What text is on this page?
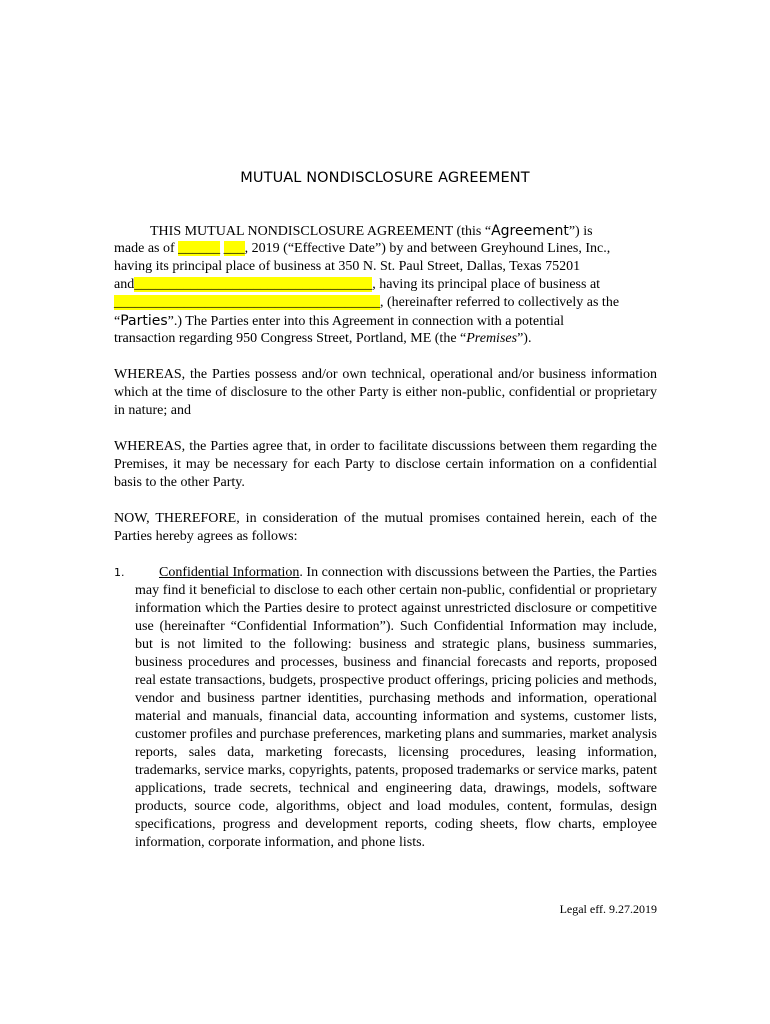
MUTUAL NONDISCLOSURE AGREEMENT
THIS MUTUAL NONDISCLOSURE AGREEMENT (this “Agreement”) is
made as of ______ ___, 2019 (“Effective Date”) by and between Greyhound Lines, Inc.,
having its principal place of business at 350 N. St. Paul Street, Dallas, Texas 75201
and__________________________________, having its principal place of business at
______________________________________, (hereinafter referred to collectively as the
“Parties”.) The Parties enter into this Agreement in connection with a potential
transaction regarding 950 Congress Street, Portland, ME (the “Premises”).

WHEREAS, the Parties possess and/or own technical, operational and/or business information which at the time of disclosure to the other Party is either non-public, confidential or proprietary in nature; and

WHEREAS, the Parties agree that, in order to facilitate discussions between them regarding the Premises, it may be necessary for each Party to disclose certain information on a confidential basis to the other Party.

NOW, THEREFORE, in consideration of the mutual promises contained herein, each of the Parties hereby agrees as follows:

1.	Confidential Information. In connection with discussions between the Parties, the Parties may find it beneficial to disclose to each other certain non-public, confidential or proprietary information which the Parties desire to protect against unrestricted disclosure or competitive use (hereinafter “Confidential Information”). Such Confidential Information may include, but is not limited to the following: business and strategic plans, business summaries, business procedures and processes, business and financial forecasts and reports, proposed real estate transactions, budgets, prospective product offerings, pricing policies and methods, vendor and business partner identities, purchasing methods and information, operational material and manuals, financial data, accounting information and systems, customer lists, customer profiles and purchase preferences, marketing plans and summaries, market analysis reports, sales data, marketing forecasts, licensing procedures, leasing information, trademarks, service marks, copyrights, patents, proposed trademarks or service marks, patent applications, trade secrets, technical and engineering data, drawings, models, software products, source code, algorithms, object and load modules, content, formulas, design specifications, progress and development reports, coding sheets, flow charts, employee information, corporate information, and phone lists.

Legal eff. 9.27.2019
